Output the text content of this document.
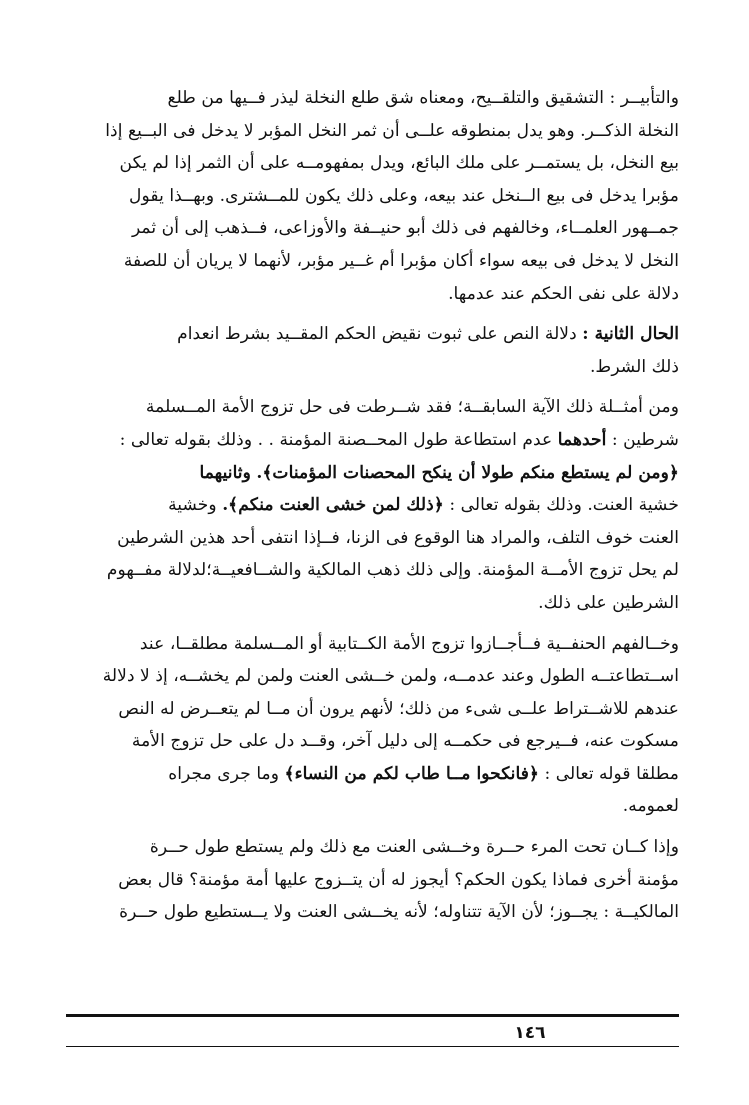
والتأبيــر : التشقيق والتلقــيح، ومعناه شق طلع النخلة ليذر فــيها من طلع
النخلة الذكــر. وهو يدل بمنطوقه علــى أن ثمر النخل المؤبر لا يدخل فى البــيع إذا
بيع النخل، بل يستمــر على ملك البائع، ويدل بمفهومــه على أن الثمر إذا لم يكن
مؤبرا يدخل فى بيع الــنخل عند بيعه، وعلى ذلك يكون للمــشترى. وبهــذا يقول
جمــهور العلمــاء، وخالفهم فى ذلك أبو حنيــفة والأوزاعى، فــذهب إلى أن ثمر
النخل لا يدخل فى بيعه سواء أكان مؤبرا أم غــير مؤبر، لأنهما لا يريان أن للصفة
دلالة على نفى الحكم عند عدمها.

الحال الثانية : دلالة النص على ثبوت نقيض الحكم المقــيد بشرط انعدام
ذلك الشرط.

ومن أمثــلة ذلك الآية السابقــة؛ فقد شــرطت فى حل تزوج الأمة المــسلمة
شرطين : أحدهما عدم استطاعة طول المحــصنة المؤمنة . . وذلك بقوله تعالى :
﴿ومن لم يستطع منكم طولا أن ينكح المحصنات المؤمنات﴾. وثانيهما
خشية العنت. وذلك بقوله تعالى : ﴿ذلك لمن خشى العنت منكم﴾. وخشية
العنت خوف التلف، والمراد هنا الوقوع فى الزنا، فــإذا انتفى أحد هذين الشرطين
لم يحل تزوج الأمــة المؤمنة. وإلى ذلك ذهب المالكية والشــافعيــة؛لدلالة مفــهوم
الشرطين على ذلك.

وخــالفهم الحنفــية فــأجــازوا تزوج الأمة الكــتابية أو المــسلمة مطلقــا، عند
اســتطاعتــه الطول وعند عدمــه، ولمن خــشى العنت ولمن لم يخشــه، إذ لا دلالة
عندهم للاشــتراط علــى شىء من ذلك؛ لأنهم يرون أن مــا لم يتعــرض له النص
مسكوت عنه، فــيرجع فى حكمــه إلى دليل آخر، وقــد دل على حل تزوج الأمة
مطلقا قوله تعالى : ﴿فانكحوا مــا طاب لكم من النساء﴾ وما جرى مجراه
لعمومه.

وإذا كــان تحت المرء حــرة وخــشى العنت مع ذلك ولم يستطع طول حــرة
مؤمنة أخرى فماذا يكون الحكم؟ أيجوز له أن يتــزوج عليها أمة مؤمنة؟ قال بعض
المالكيــة : يجــوز؛ لأن الآية تتناوله؛ لأنه يخــشى العنت ولا يــستطيع طول حــرة

١٤٦
